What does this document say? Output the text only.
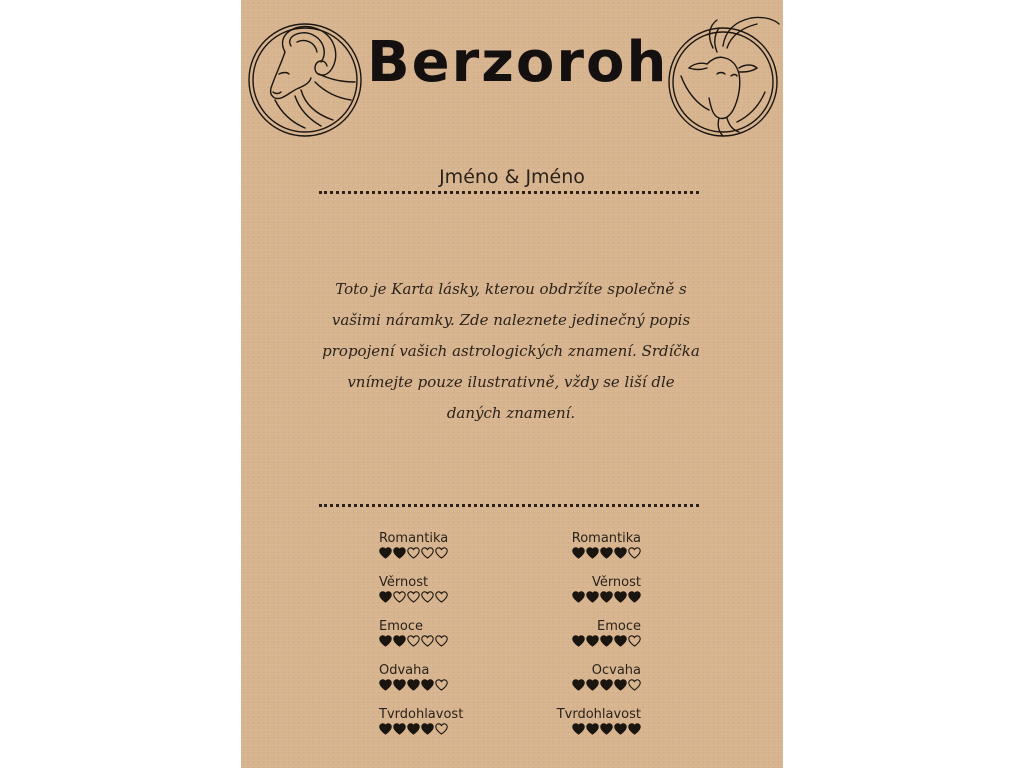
Berzoroh
Jméno & Jméno
Toto je Karta lásky, kterou obdržíte společně s vašimi náramky. Zde naleznete jedinečný popis propojení vašich astrologických znamení. Srdíčka vnímejte pouze ilustrativně, vždy se liší dle daných znamení.
Romantika
Věrnost
Emoce
Odvaha
Tvrdohlavost
Romantika
Věrnost
Emoce
Ocvaha
Tvrdohlavost
